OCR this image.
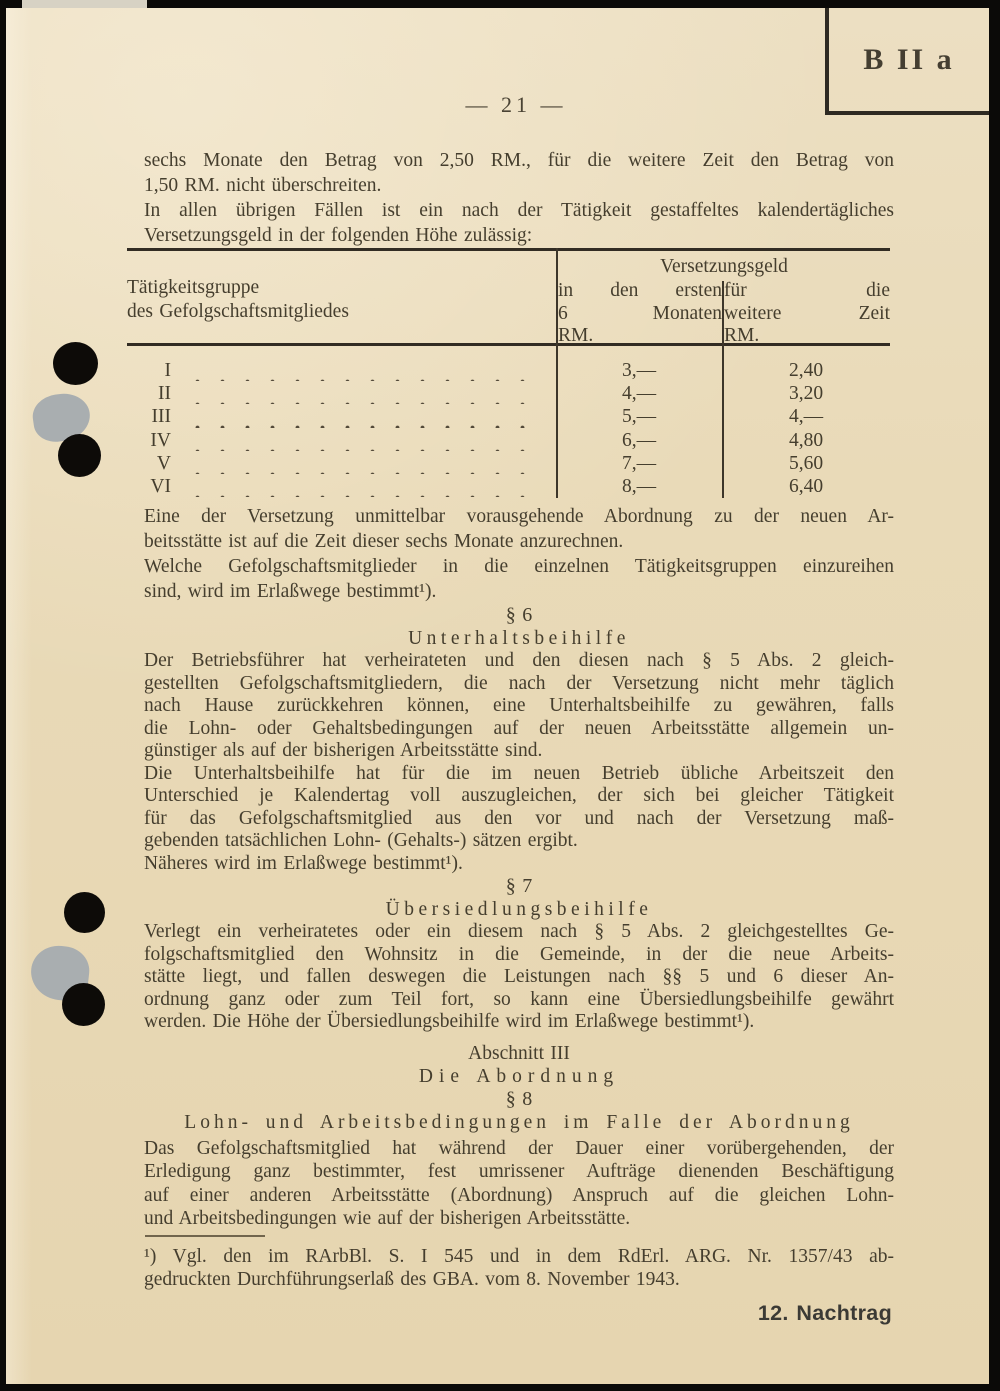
B II a
— 21 —
sechs Monate den Betrag von 2,50 RM., für die weitere Zeit den Betrag von
1,50 RM. nicht überschreiten.
In allen übrigen Fällen ist ein nach der Tätigkeit gestaffeltes kalendertägliches
Versetzungsgeld in der folgenden Höhe zulässig:
Tätigkeitsgruppe
des Gefolgschaftsmitgliedes
Versetzungsgeld
in den ersten
6 Monaten
RM.
für die
weitere Zeit
RM.
I	3,—	2,40
II	4,—	3,20
III	5,—	4,—
IV	6,—	4,80
V	7,—	5,60
VI	8,—	6,40
Eine der Versetzung unmittelbar vorausgehende Abordnung zu der neuen Ar-
beitsstätte ist auf die Zeit dieser sechs Monate anzurechnen.
Welche Gefolgschaftsmitglieder in die einzelnen Tätigkeitsgruppen einzureihen
sind, wird im Erlaßwege bestimmt¹).
§ 6
Unterhaltsbeihilfe
Der Betriebsführer hat verheirateten und den diesen nach § 5 Abs. 2 gleich-
gestellten Gefolgschaftsmitgliedern, die nach der Versetzung nicht mehr täglich
nach Hause zurückkehren können, eine Unterhaltsbeihilfe zu gewähren, falls
die Lohn- oder Gehaltsbedingungen auf der neuen Arbeitsstätte allgemein un-
günstiger als auf der bisherigen Arbeitsstätte sind.
Die Unterhaltsbeihilfe hat für die im neuen Betrieb übliche Arbeitszeit den
Unterschied je Kalendertag voll auszugleichen, der sich bei gleicher Tätigkeit
für das Gefolgschaftsmitglied aus den vor und nach der Versetzung maß-
gebenden tatsächlichen Lohn- (Gehalts-) sätzen ergibt.
Näheres wird im Erlaßwege bestimmt¹).
§ 7
Übersiedlungsbeihilfe
Verlegt ein verheiratetes oder ein diesem nach § 5 Abs. 2 gleichgestelltes Ge-
folgschaftsmitglied den Wohnsitz in die Gemeinde, in der die neue Arbeits-
stätte liegt, und fallen deswegen die Leistungen nach §§ 5 und 6 dieser An-
ordnung ganz oder zum Teil fort, so kann eine Übersiedlungsbeihilfe gewährt
werden. Die Höhe der Übersiedlungsbeihilfe wird im Erlaßwege bestimmt¹).
Abschnitt III
Die Abordnung
§ 8
Lohn- und Arbeitsbedingungen im Falle der Abordnung
Das Gefolgschaftsmitglied hat während der Dauer einer vorübergehenden, der
Erledigung ganz bestimmter, fest umrissener Aufträge dienenden Beschäftigung
auf einer anderen Arbeitsstätte (Abordnung) Anspruch auf die gleichen Lohn-
und Arbeitsbedingungen wie auf der bisherigen Arbeitsstätte.
¹) Vgl. den im RArbBl. S. I 545 und in dem RdErl. ARG. Nr. 1357/43 ab-
gedruckten Durchführungserlaß des GBA. vom 8. November 1943.
12. Nachtrag
